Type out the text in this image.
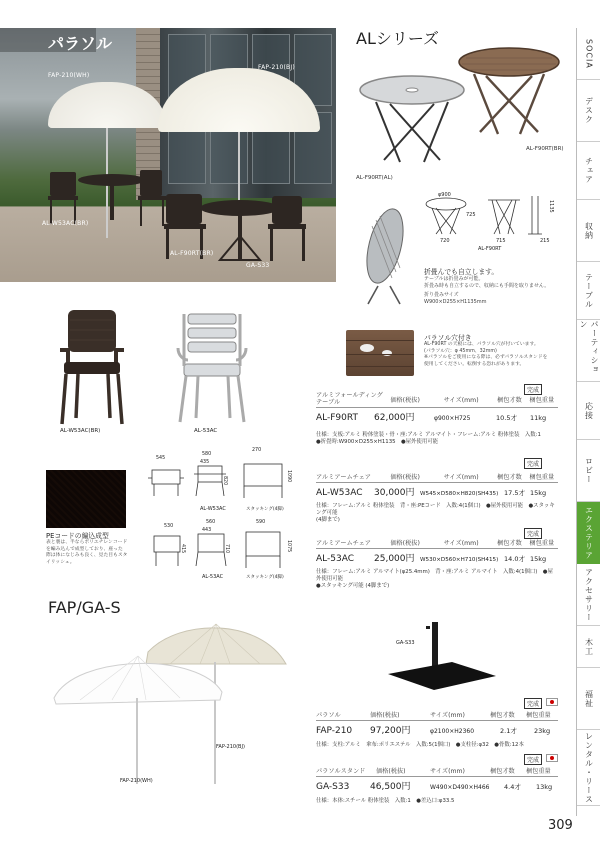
パラソル
FAP-210(WH)
FAP-210(BJ)
AL-W53AC(BR)
AL-F90RT(BR)
GA-S33
ALシリーズ
AL-F90RT(AL)
AL-F90RT(BR)
φ900
725
720	715	215
1135
AL-F90RT
折畳んでも自立します。
テーブルは折畳みが可能。
折畳み時も自立するので、収納にも手間を取りません。
折り畳みサイズ
W900×D255×H1135mm
パラソル穴付き
AL-F90RT の天板には、パラソル穴が付いています。
(パラソル穴：φ 45mm、32mm)
※パラソルをご使用になる際は、必ずパラソルスタンドを
使用してください。転倒する恐れがあります。
完成
アルミフォールディング テーブル	価格(税抜)	サイズ(mm)	梱包才数	梱包重量
AL-F90RT	62,000円	φ900×H725	10.5才	11kg
仕様：支板:アルミ 粉体塗装・骨・座:アルミ アルマイト・フレーム:アルミ 粉体塗装　入数:1
●折畳時:W900×D255×H1135　●屋外使用可能
AL-W53AC(BR)	AL-53AC
545
580
435
270
820	1090
AL-W53AC	スタッキング(4脚)
530
560
443
590
415	710	1075
AL-53AC	スタッキング(4脚)
PEコードの編込成型
表と裏は、半ならポリエチレンコード を編み込んで成型しており、座った 際は体になじみも良く、見た目もスタ イリッシュ。
完成
アルミアームチェア	価格(税抜)	サイズ(mm)	梱包才数	梱包重量
AL-W53AC	30,000円 W545×D580×H820(SH435) 17.5才 15kg
仕様：フレーム:アルミ 粉体塗装　背・座:PEコード　入数:4(1個口)　●屋外使用可能　●スタッキング可能
(4脚まで)
完成
アルミアームチェア	価格(税抜)	サイズ(mm)	梱包才数	梱包重量
AL-53AC	25,000円 W530×D560×H710(SH415) 14.0才 15kg
仕様：フレーム:アルミ アルマイト(φ25.4mm)　背・座:アルミ アルマイト　入数:4(1個口)　●屋外使用可能
●スタッキング可能 (4脚まで)
FAP/GA-S
FAP-210(BJ)
FAP-210(WH)
GA-S33
完成
パラソル	価格(税抜)	サイズ(mm)	梱包才数	梱包重量
FAP-210	97,200円	φ2100×H2360	2.1才	23kg
仕様：支柱:アルミ　傘布:ポリエステル　入数:5(1個口)　●支柱径:φ32　●骨数:12本
完成
パラソルスタンド	価格(税抜)	サイズ(mm)	梱包才数	梱包重量
GA-S33	46,500円	W490×D490×H466	4.4才	13kg
仕様：本体:スチール 粉体塗装　入数:1　●差込口:φ33.5
SOCIA
デスク
チェア
収納
テーブル
パーティション
応接
ロビー
エクステリア
アクセサリー
木工
福祉
レンタル・リース
309
